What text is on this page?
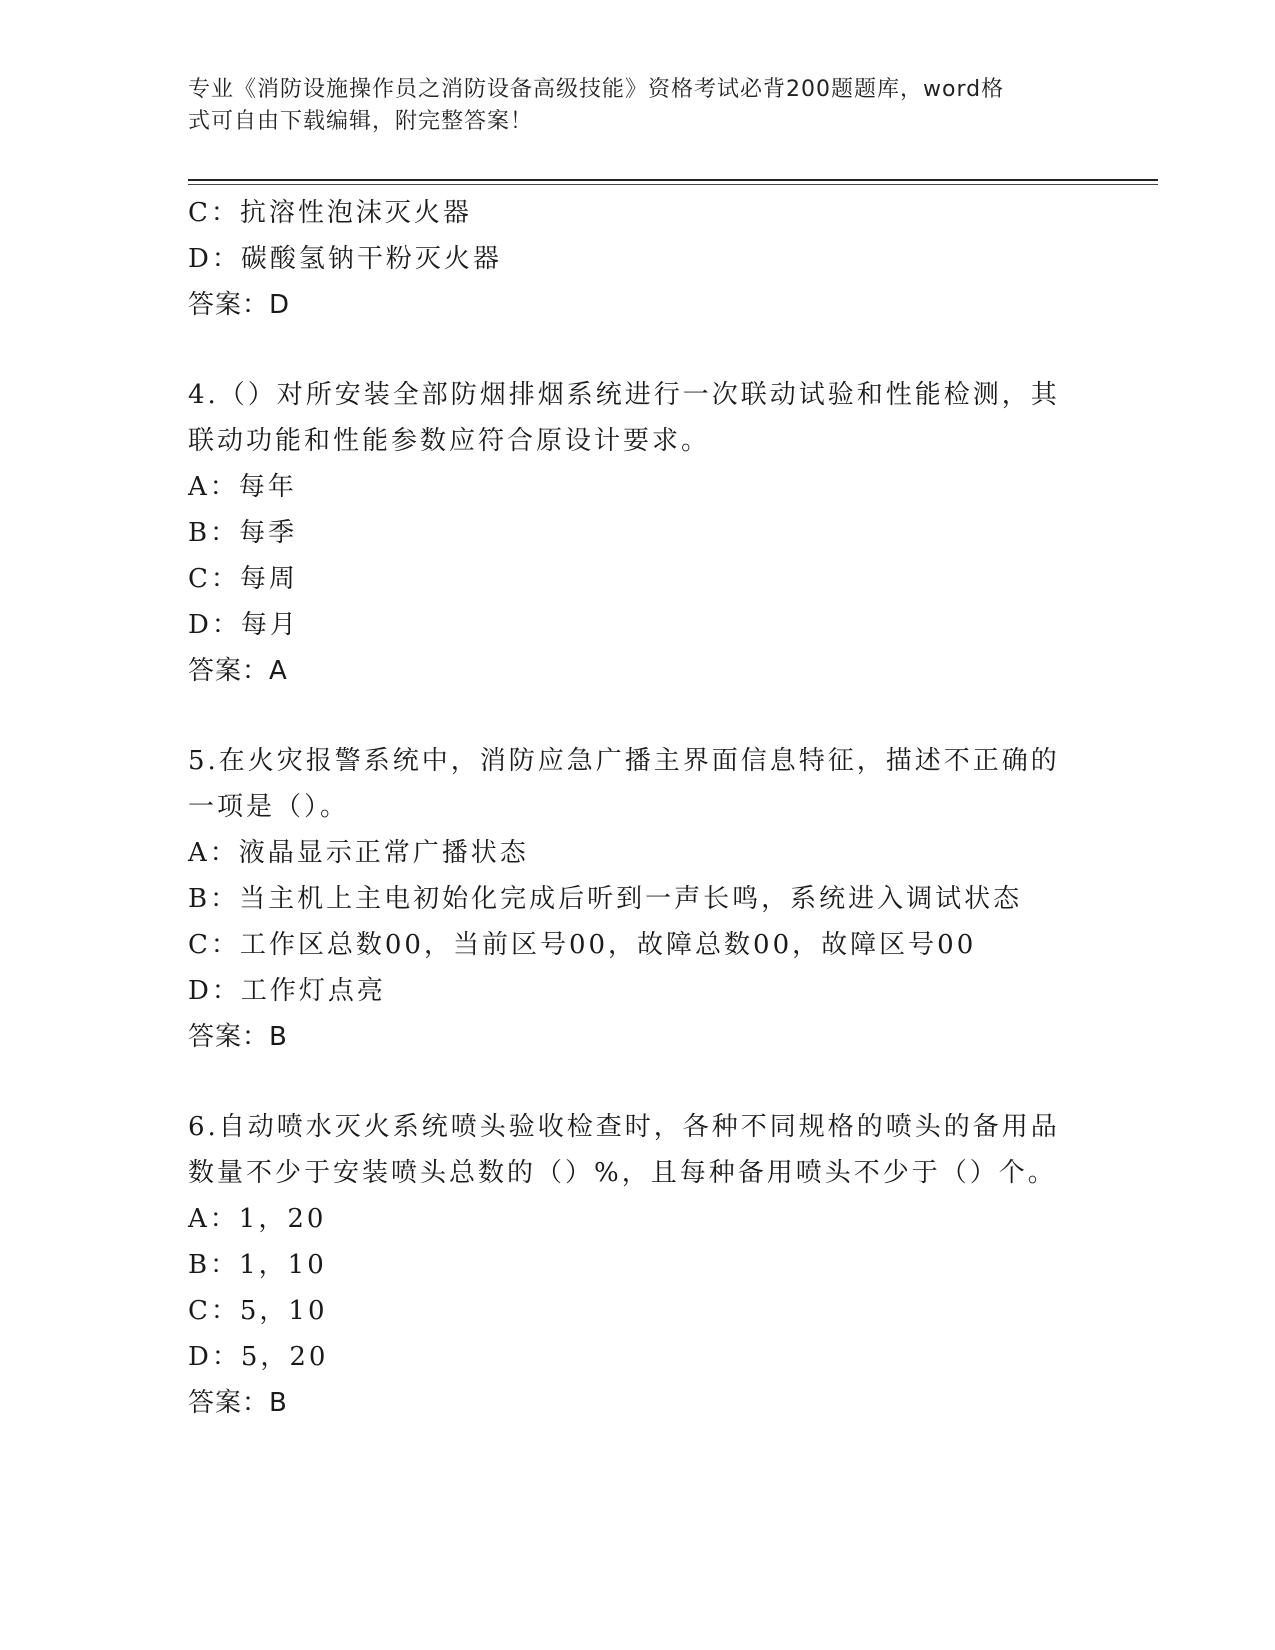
专业《消防设施操作员之消防设备高级技能》资格考试必背200题题库，word格
式可自由下载编辑，附完整答案！
C：抗溶性泡沫灭火器
D：碳酸氢钠干粉灭火器
答案：D
4.（）对所安装全部防烟排烟系统进行一次联动试验和性能检测，其
联动功能和性能参数应符合原设计要求。
A：每年
B：每季
C：每周
D：每月
答案：A
5.在火灾报警系统中，消防应急广播主界面信息特征，描述不正确的
一项是（）。
A：液晶显示正常广播状态
B：当主机上主电初始化完成后听到一声长鸣，系统进入调试状态
C：工作区总数00，当前区号00，故障总数00，故障区号00
D：工作灯点亮
答案：B
6.自动喷水灭火系统喷头验收检查时，各种不同规格的喷头的备用品
数量不少于安装喷头总数的（）%，且每种备用喷头不少于（）个。
A：1，20
B：1，10
C：5，10
D：5，20
答案：B
